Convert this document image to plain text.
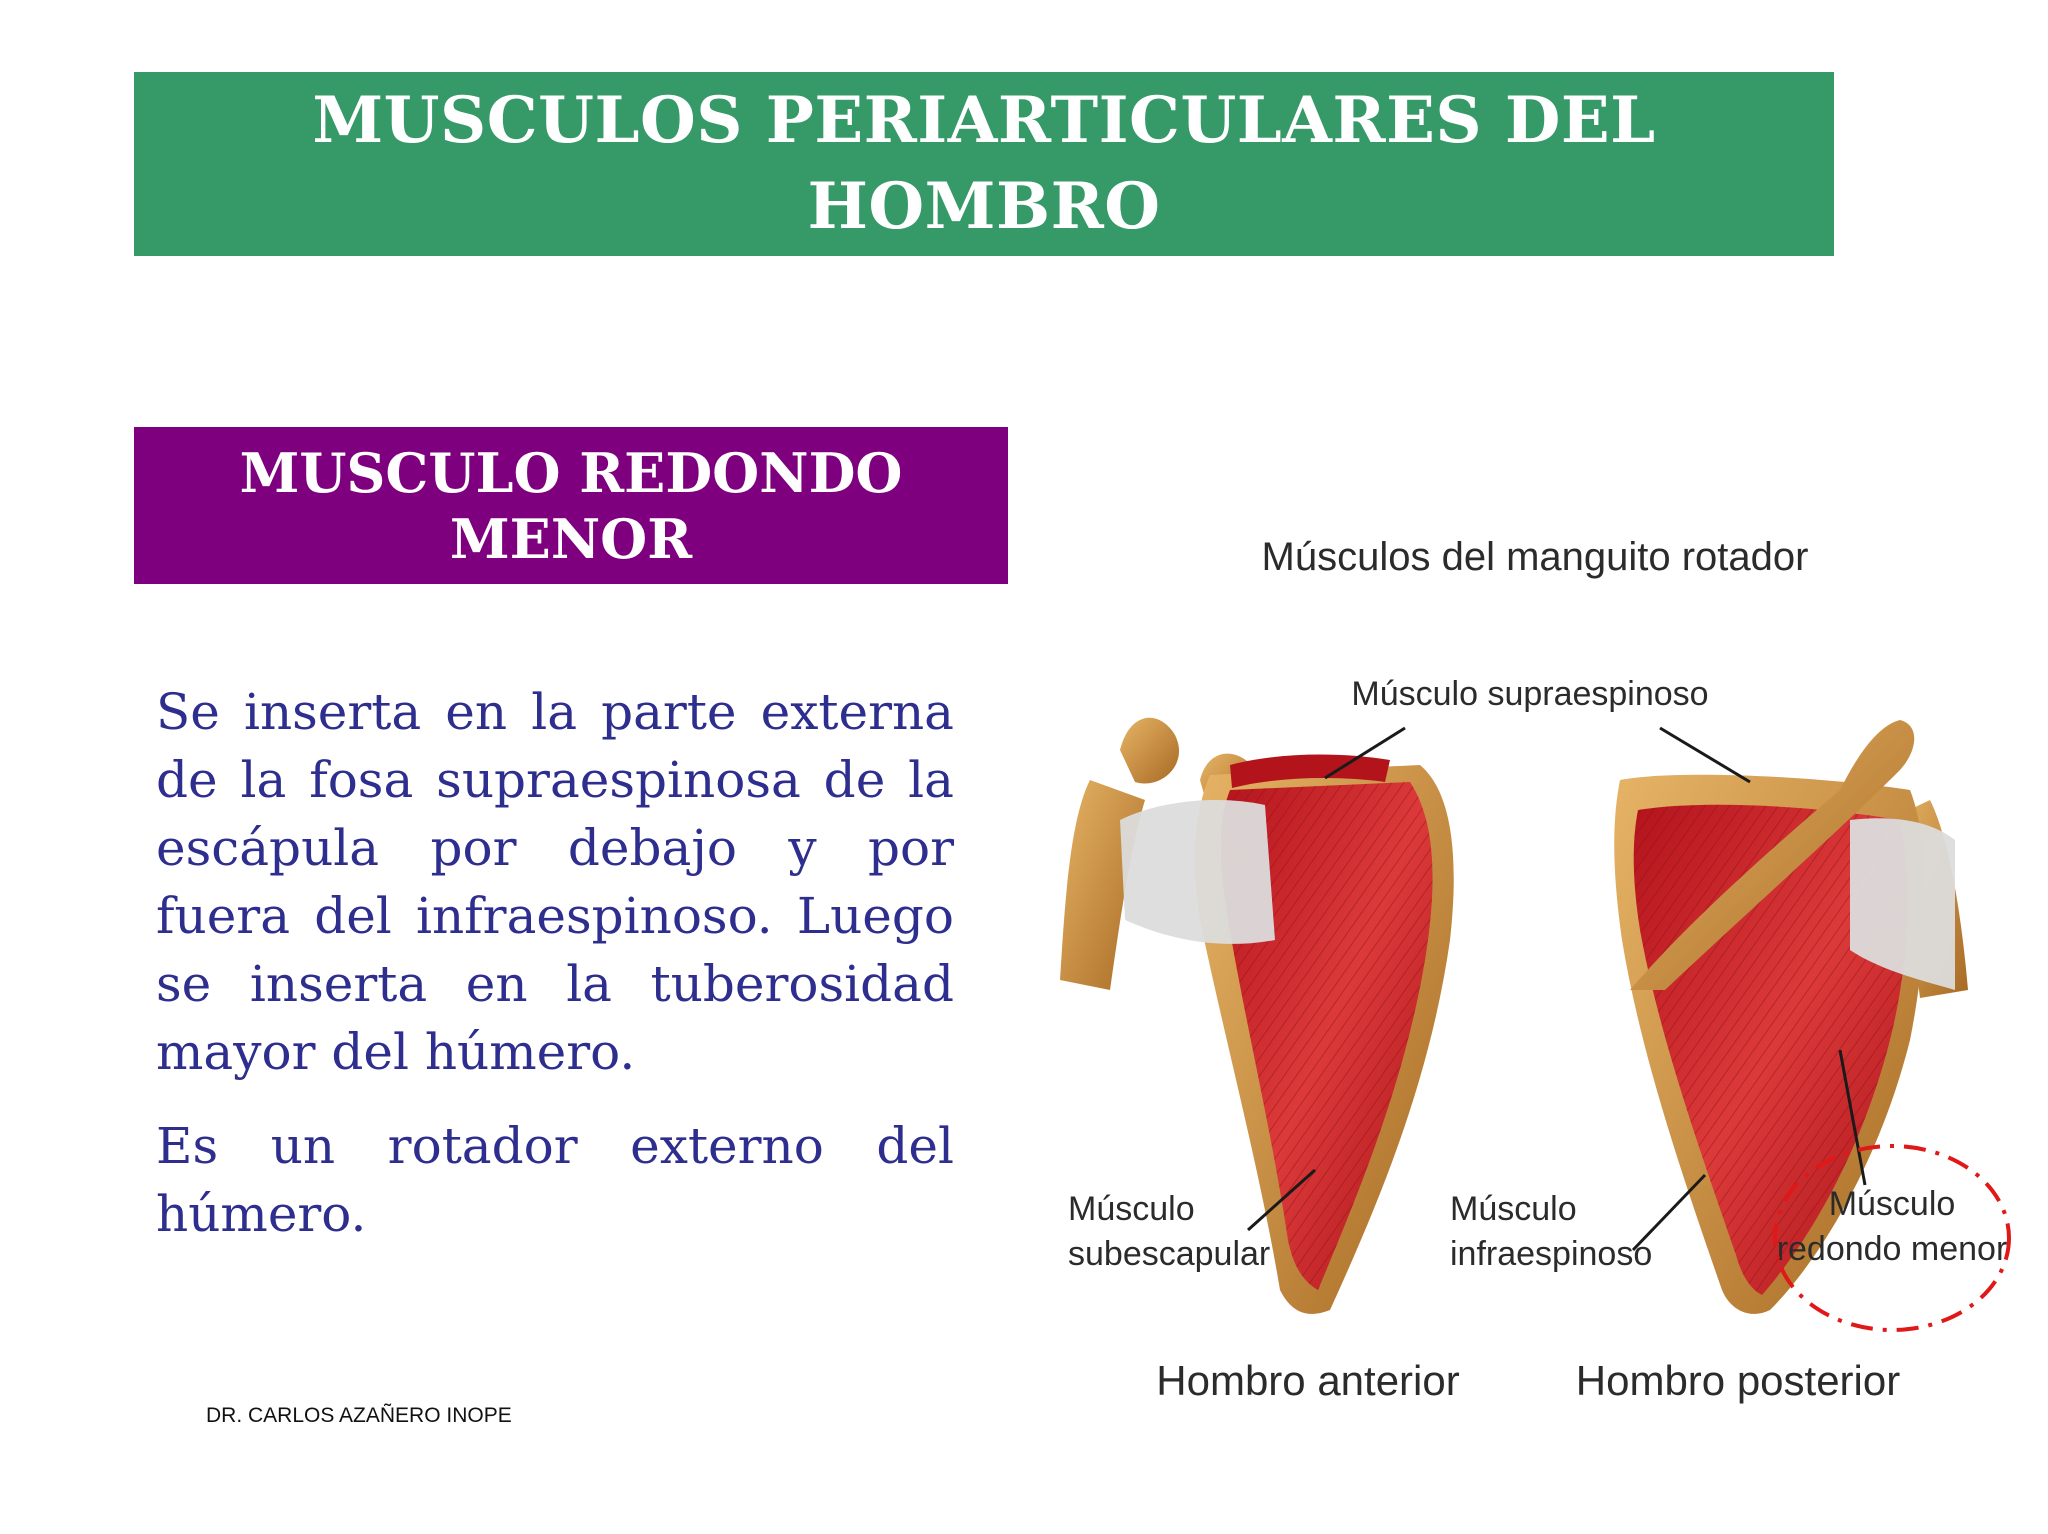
MUSCULOS PERIARTICULARES DEL HOMBRO
MUSCULO REDONDO MENOR

Se inserta en la parte externa de la fosa supraespinosa de la escápula por debajo y por fuera del infraespinoso. Luego se inserta en la tuberosidad mayor del húmero.

Es un rotador externo del húmero.

DR. CARLOS AZAÑERO INOPE
Músculos del manguito rotador
Músculo supraespinoso
Músculo
subescapular
Músculo
infraespinoso
Músculo
redondo menor
Hombro anterior	Hombro posterior
